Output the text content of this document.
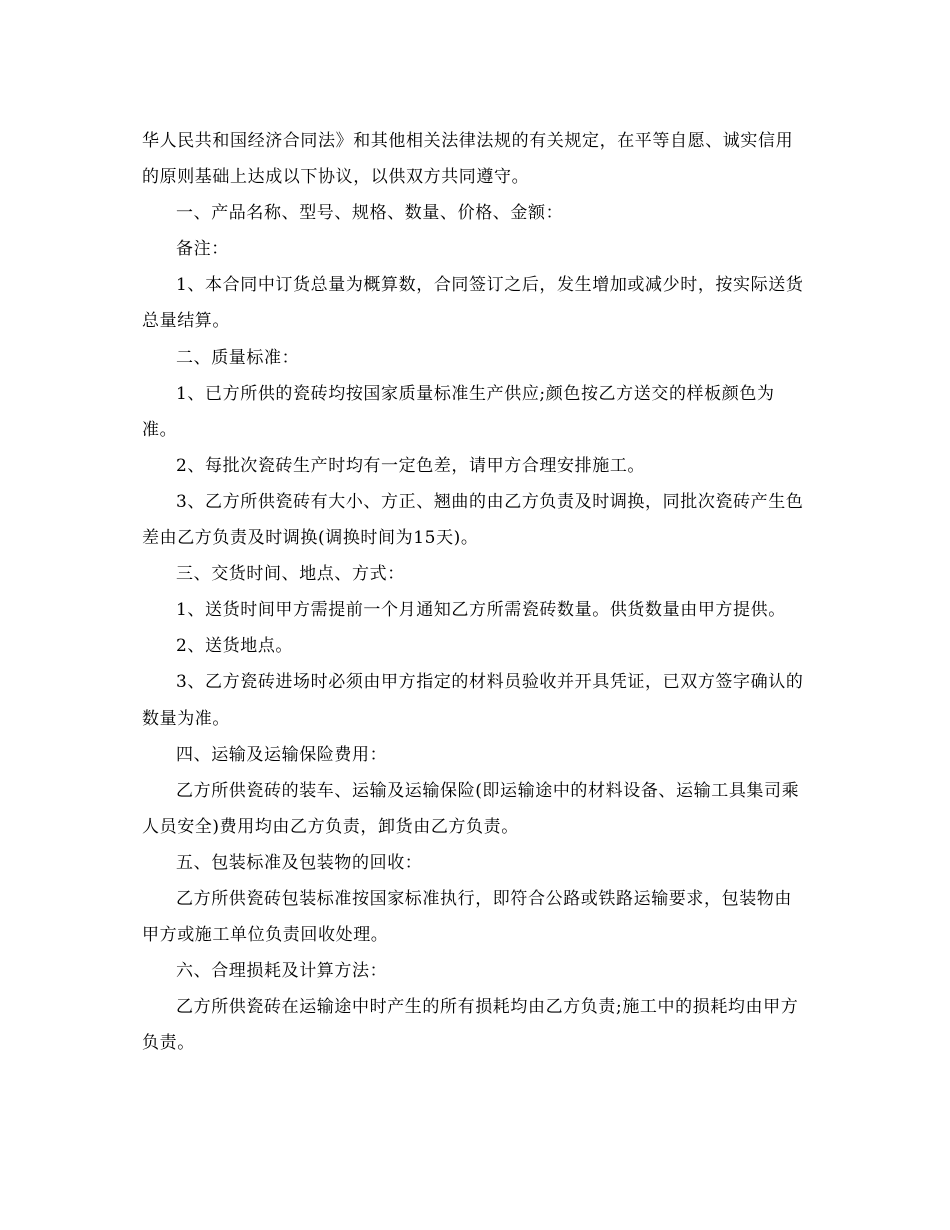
华人民共和国经济合同法》和其他相关法律法规的有关规定，在平等自愿、诚实信用的原则基础上达成以下协议，以供双方共同遵守。

一、产品名称、型号、规格、数量、价格、金额：

备注：

1、本合同中订货总量为概算数，合同签订之后，发生增加或减少时，按实际送货总量结算。

二、质量标准：

1、已方所供的瓷砖均按国家质量标准生产供应;颜色按乙方送交的样板颜色为准。

2、每批次瓷砖生产时均有一定色差，请甲方合理安排施工。

3、乙方所供瓷砖有大小、方正、翘曲的由乙方负责及时调换，同批次瓷砖产生色差由乙方负责及时调换(调换时间为15天)。

三、交货时间、地点、方式：

1、送货时间甲方需提前一个月通知乙方所需瓷砖数量。供货数量由甲方提供。

2、送货地点。

3、乙方瓷砖进场时必须由甲方指定的材料员验收并开具凭证，已双方签字确认的数量为准。

四、运输及运输保险费用：

乙方所供瓷砖的装车、运输及运输保险(即运输途中的材料设备、运输工具集司乘人员安全)费用均由乙方负责，卸货由乙方负责。

五、包装标准及包装物的回收：

乙方所供瓷砖包装标准按国家标准执行，即符合公路或铁路运输要求，包装物由甲方或施工单位负责回收处理。

六、合理损耗及计算方法：

乙方所供瓷砖在运输途中时产生的所有损耗均由乙方负责;施工中的损耗均由甲方负责。
